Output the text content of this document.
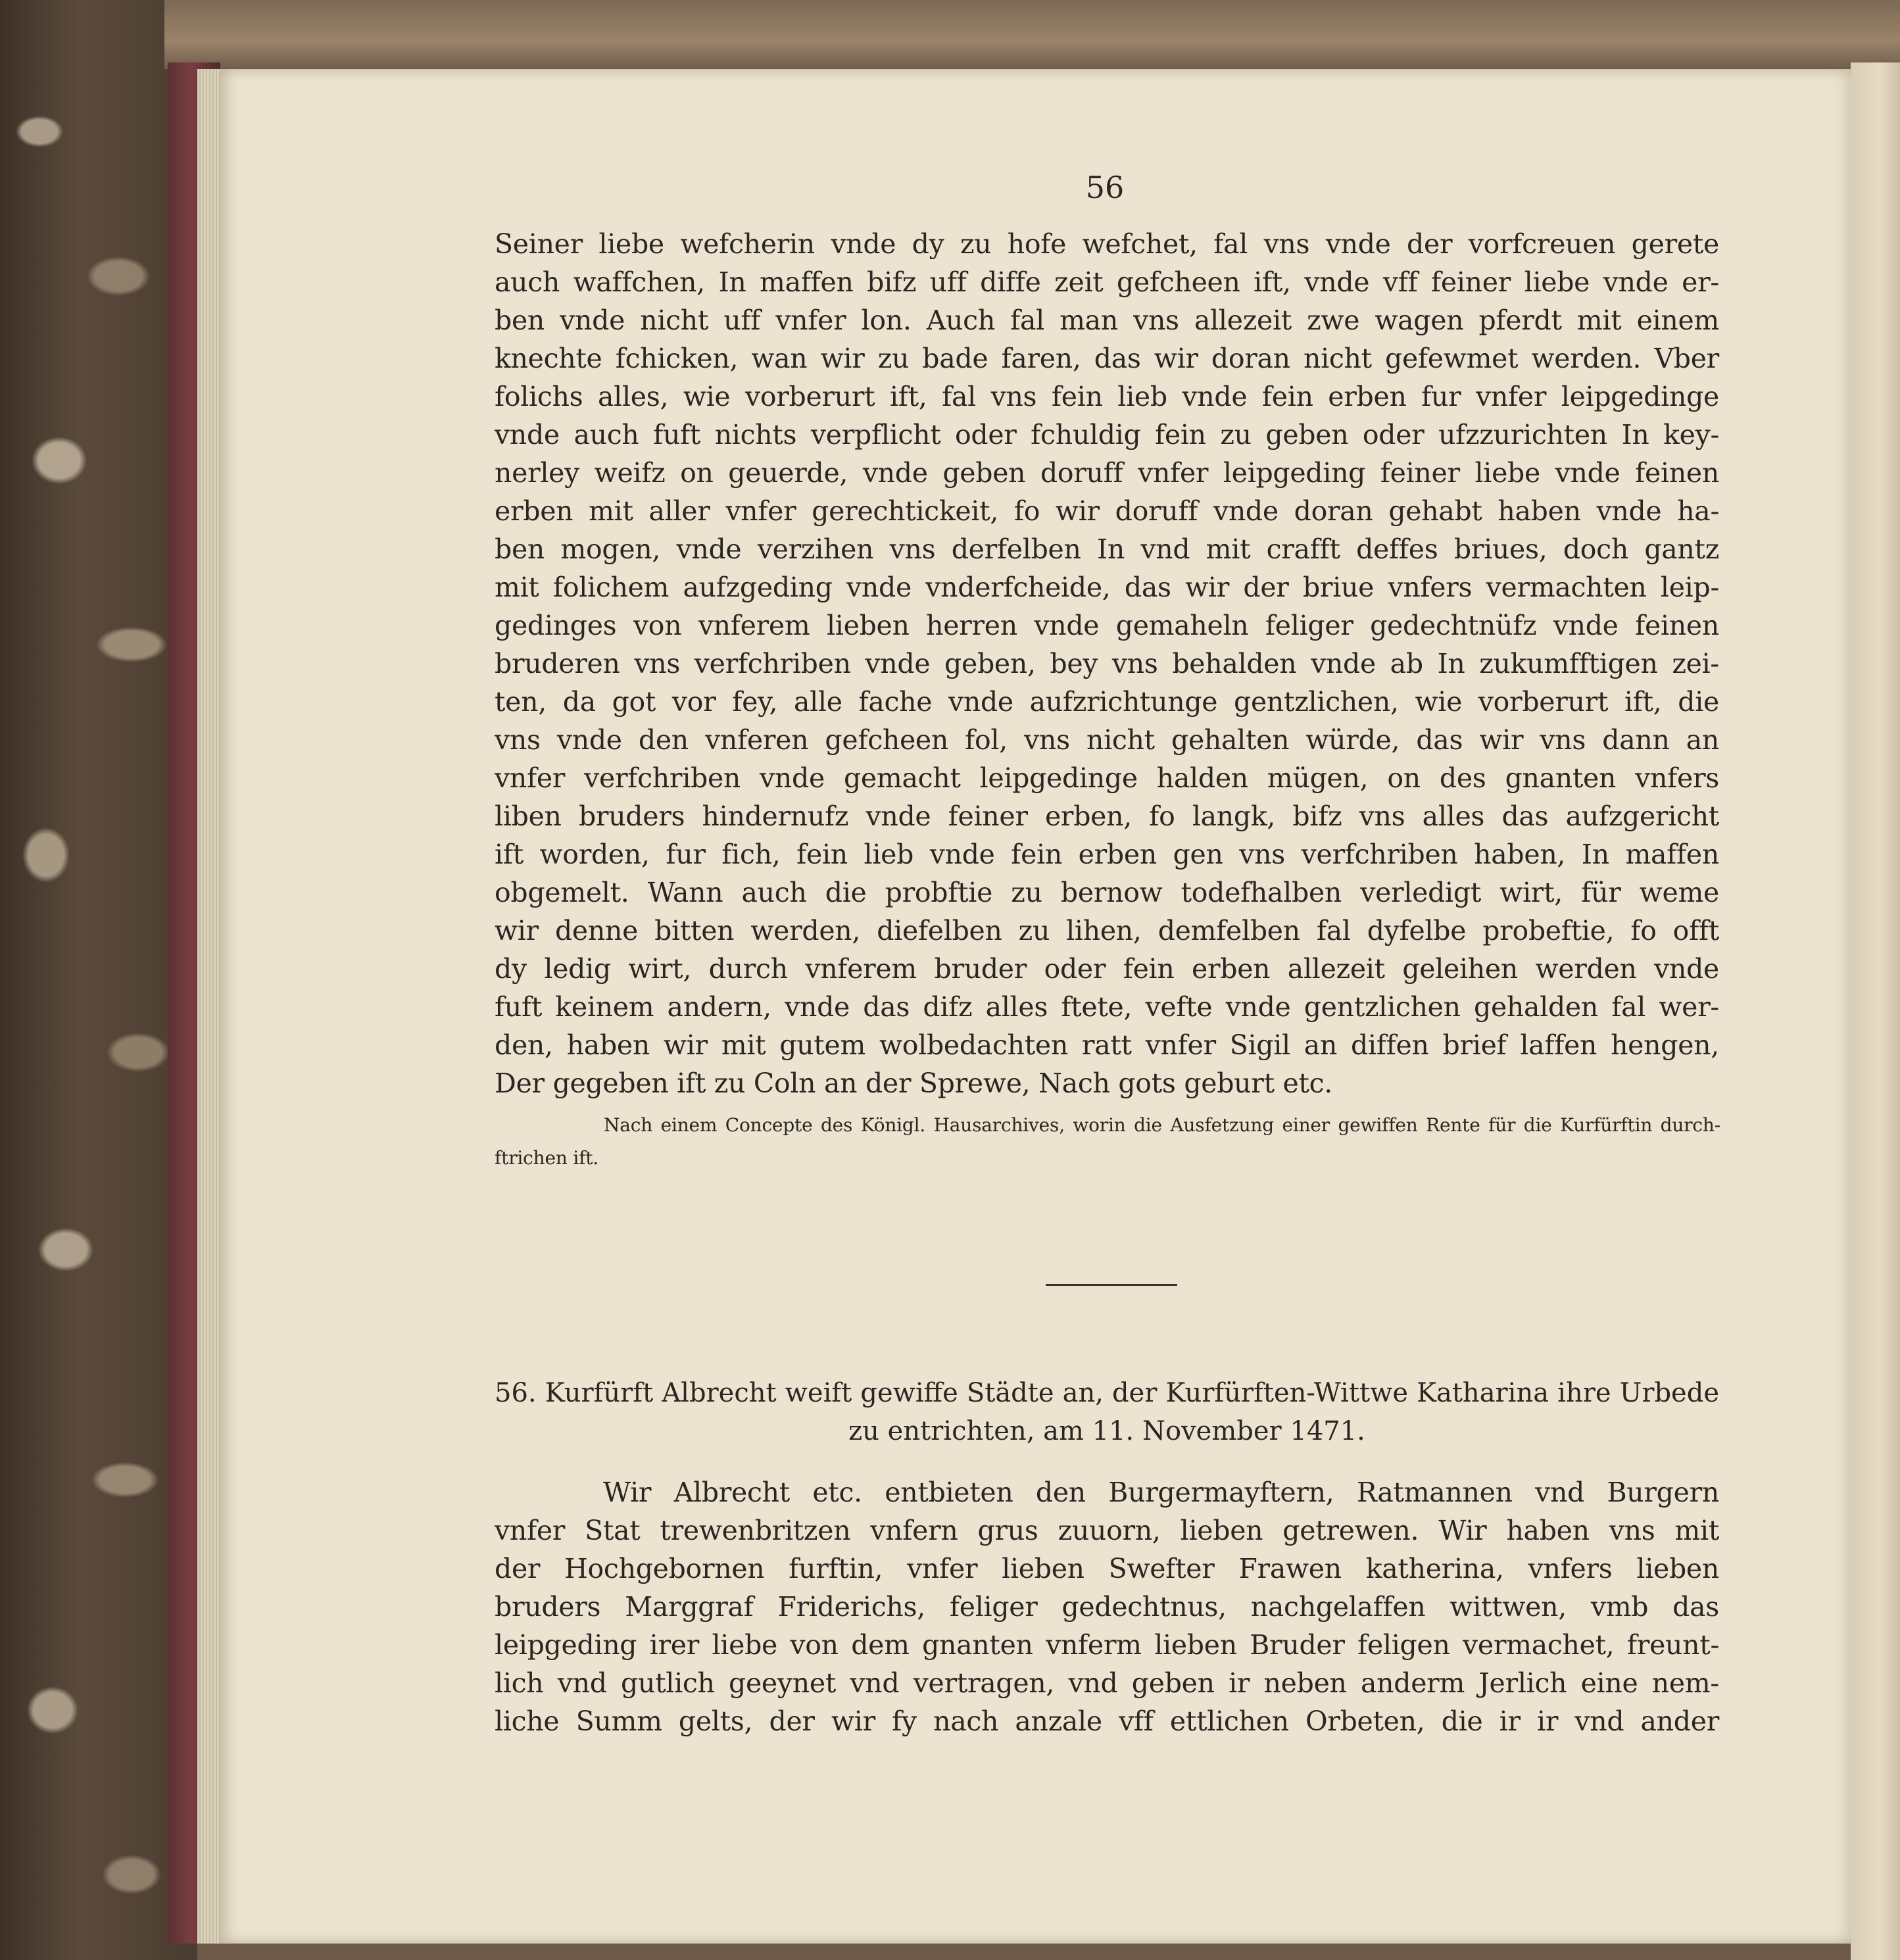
56
Seiner liebe wefcherin vnde dy zu hofe wefchet, fal vns vnde der vorfcreuen gerete
auch waffchen, In maffen bifz uff diffe zeit gefcheen ift, vnde vff feiner liebe vnde er-
ben vnde nicht uff vnfer lon. Auch fal man vns allezeit zwe wagen pferdt mit einem
knechte fchicken, wan wir zu bade faren, das wir doran nicht gefewmet werden. Vber
folichs alles, wie vorberurt ift, fal vns fein lieb vnde fein erben fur vnfer leipgedinge
vnde auch fuft nichts verpflicht oder fchuldig fein zu geben oder ufzzurichten In key-
nerley weifz on geuerde, vnde geben doruff vnfer leipgeding feiner liebe vnde feinen
erben mit aller vnfer gerechtickeit, fo wir doruff vnde doran gehabt haben vnde ha-
ben mogen, vnde verzihen vns derfelben In vnd mit crafft deffes briues, doch gantz
mit folichem aufzgeding vnde vnderfcheide, das wir der briue vnfers vermachten leip-
gedinges von vnferem lieben herren vnde gemaheln feliger gedechtnüfz vnde feinen
bruderen vns verfchriben vnde geben, bey vns behalden vnde ab In zukumfftigen zei-
ten, da got vor fey, alle fache vnde aufzrichtunge gentzlichen, wie vorberurt ift, die
vns vnde den vnferen gefcheen fol, vns nicht gehalten würde, das wir vns dann an
vnfer verfchriben vnde gemacht leipgedinge halden mügen, on des gnanten vnfers
liben bruders hindernufz vnde feiner erben, fo langk, bifz vns alles das aufzgericht
ift worden, fur fich, fein lieb vnde fein erben gen vns verfchriben haben, In maffen
obgemelt. Wann auch die probftie zu bernow todefhalben verledigt wirt, für weme
wir denne bitten werden, diefelben zu lihen, demfelben fal dyfelbe probeftie, fo offt
dy ledig wirt, durch vnferem bruder oder fein erben allezeit geleihen werden vnde
fuft keinem andern, vnde das difz alles ftete, vefte vnde gentzlichen gehalden fal wer-
den, haben wir mit gutem wolbedachten ratt vnfer Sigil an diffen brief laffen hengen,
Der gegeben ift zu Coln an der Sprewe, Nach gots geburt etc.
Nach einem Concepte des Königl. Hausarchives, worin die Ausfetzung einer gewiffen Rente für die Kurfürftin durch-
ftrichen ift.
56. Kurfürft Albrecht weift gewiffe Städte an, der Kurfürften-Wittwe Katharina ihre Urbede
zu entrichten, am 11. November 1471.
Wir Albrecht etc. entbieten den Burgermayftern, Ratmannen vnd Burgern
vnfer Stat trewenbritzen vnfern grus zuuorn, lieben getrewen. Wir haben vns mit
der Hochgebornen furftin, vnfer lieben Swefter Frawen katherina, vnfers lieben
bruders Marggraf Friderichs, feliger gedechtnus, nachgelaffen wittwen, vmb das
leipgeding irer liebe von dem gnanten vnferm lieben Bruder feligen vermachet, freunt-
lich vnd gutlich geeynet vnd vertragen, vnd geben ir neben anderm Jerlich eine nem-
liche Summ gelts, der wir fy nach anzale vff ettlichen Orbeten, die ir ir vnd ander
